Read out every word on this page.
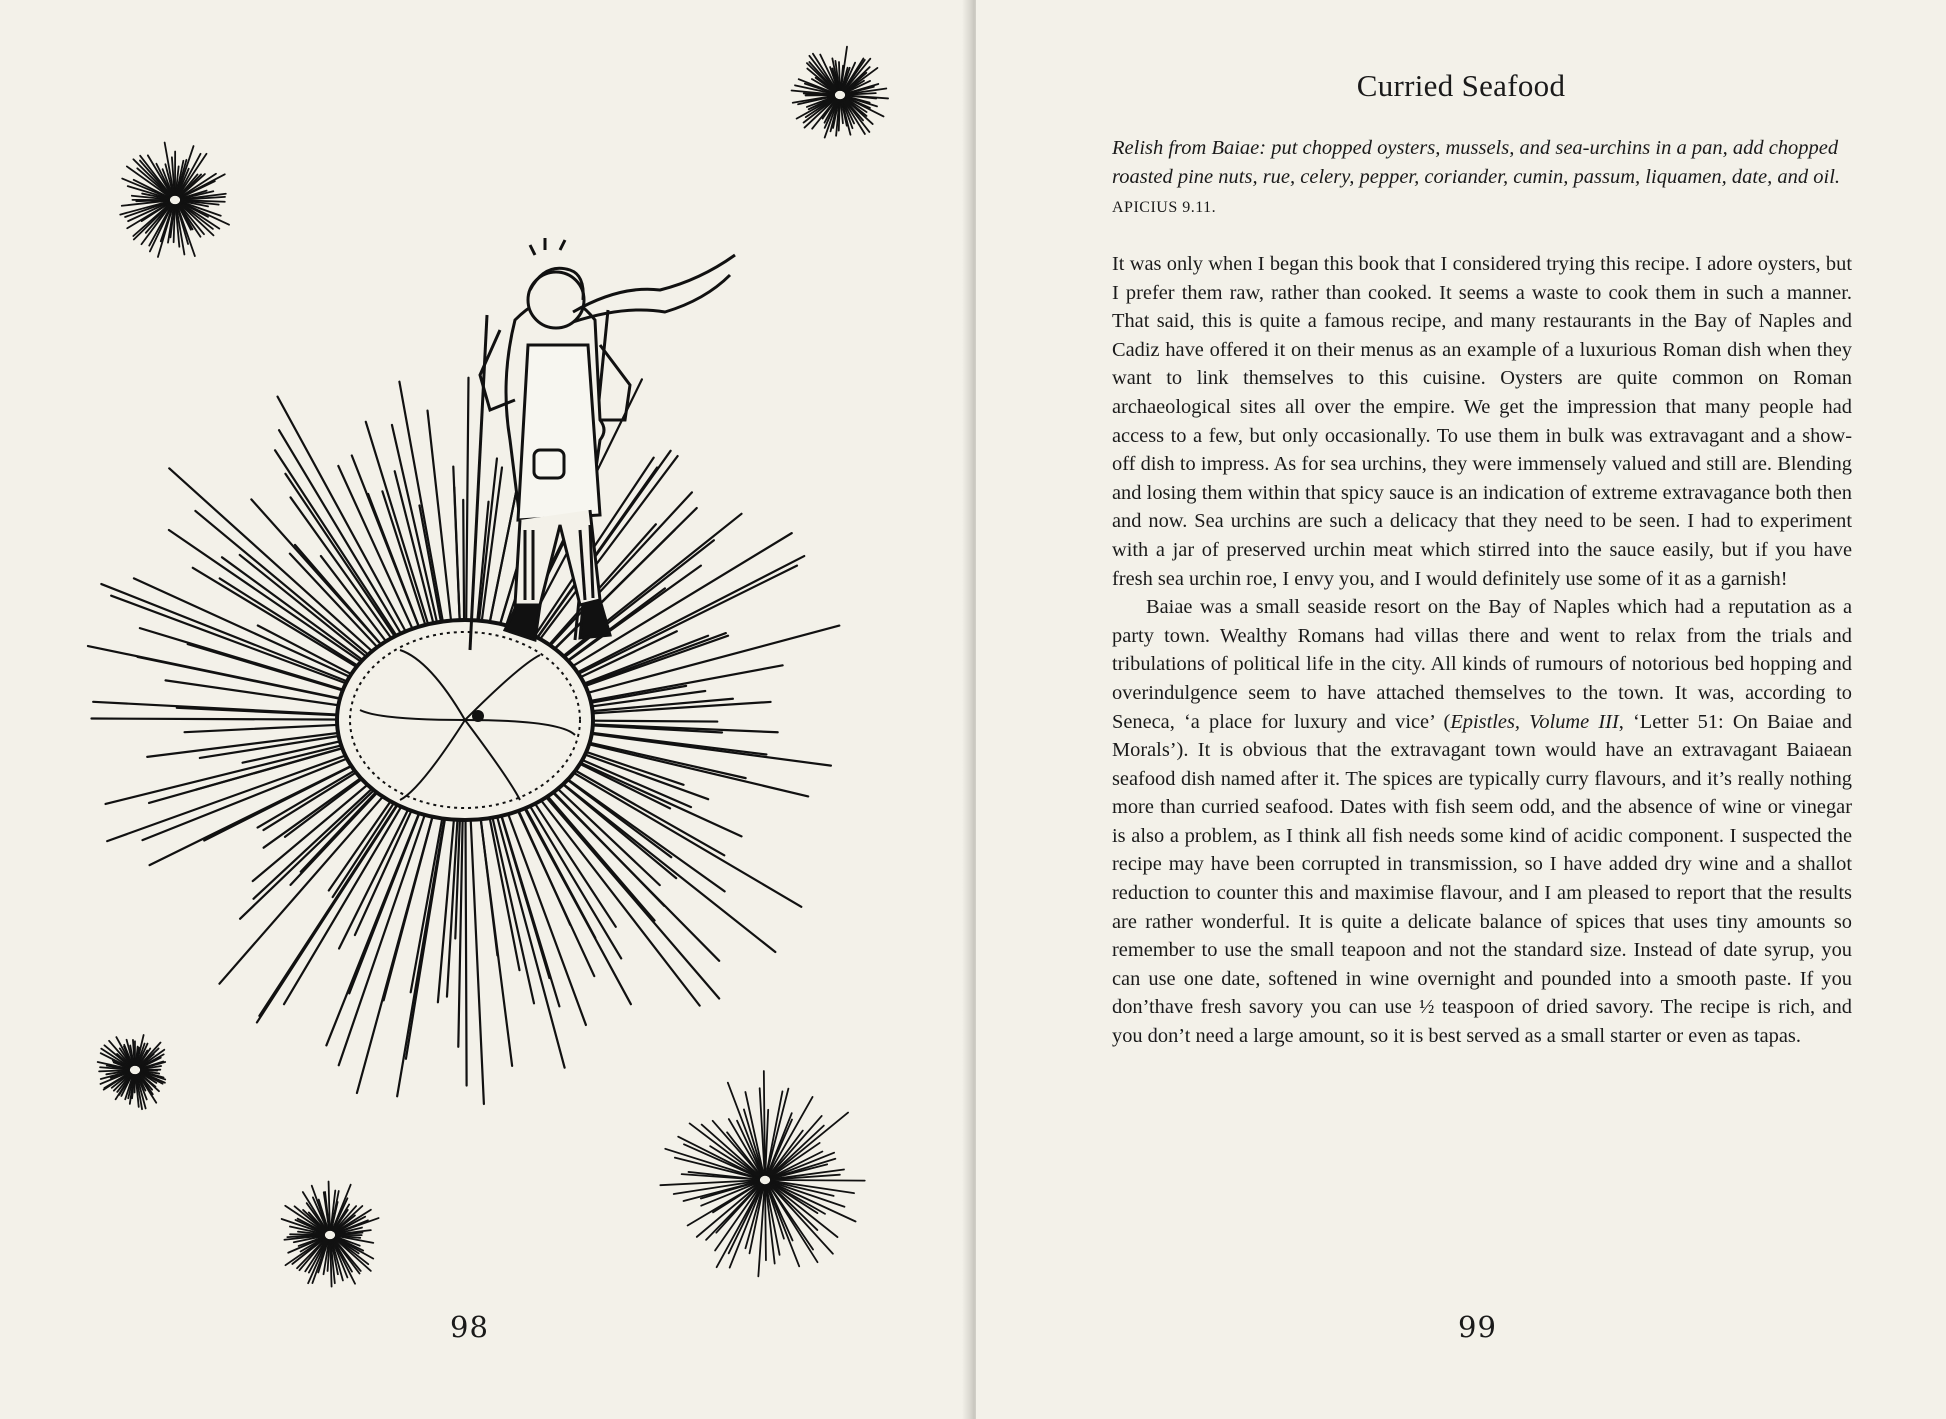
98
Curried Seafood
Relish from Baiae: put chopped oysters, mussels, and sea-urchins in a pan, add chopped roasted pine nuts, rue, celery, pepper, coriander, cumin, passum, liquamen, date, and oil. APICIUS 9.11.

It was only when I began this book that I considered trying this recipe. I adore oysters, but I prefer them raw, rather than cooked. It seems a waste to cook them in such a manner. That said, this is quite a famous recipe, and many restaurants in the Bay of Naples and Cadiz have offered it on their menus as an example of a luxurious Roman dish when they want to link themselves to this cuisine. Oysters are quite common on Roman archaeological sites all over the empire. We get the impression that many people had access to a few, but only occasionally. To use them in bulk was extravagant and a show-off dish to impress. As for sea urchins, they were immensely valued and still are. Blending and losing them within that spicy sauce is an indication of extreme extravagance both then and now. Sea urchins are such a delicacy that they need to be seen. I had to experiment with a jar of preserved urchin meat which stirred into the sauce easily, but if you have fresh sea urchin roe, I envy you, and I would definitely use some of it as a garnish!

Baiae was a small seaside resort on the Bay of Naples which had a reputation as a party town. Wealthy Romans had villas there and went to relax from the trials and tribulations of political life in the city. All kinds of rumours of notorious bed hopping and overindulgence seem to have attached themselves to the town. It was, according to Seneca, ‘a place for luxury and vice’ (Epistles, Volume III, ‘Letter 51: On Baiae and Morals’). It is obvious that the extravagant town would have an extravagant Baiaean seafood dish named after it. The spices are typically curry flavours, and it’s really nothing more than curried seafood. Dates with fish seem odd, and the absence of wine or vinegar is also a problem, as I think all fish needs some kind of acidic component. I suspected the recipe may have been corrupted in transmission, so I have added dry wine and a shallot reduction to counter this and maximise flavour, and I am pleased to report that the results are rather wonderful. It is quite a delicate balance of spices that uses tiny amounts so remember to use the small teapoon and not the standard size. Instead of date syrup, you can use one date, softened in wine overnight and pounded into a smooth paste. If you don’thave fresh savory you can use ½ teaspoon of dried savory. The recipe is rich, and you don’t need a large amount, so it is best served as a small starter or even as tapas.

99
